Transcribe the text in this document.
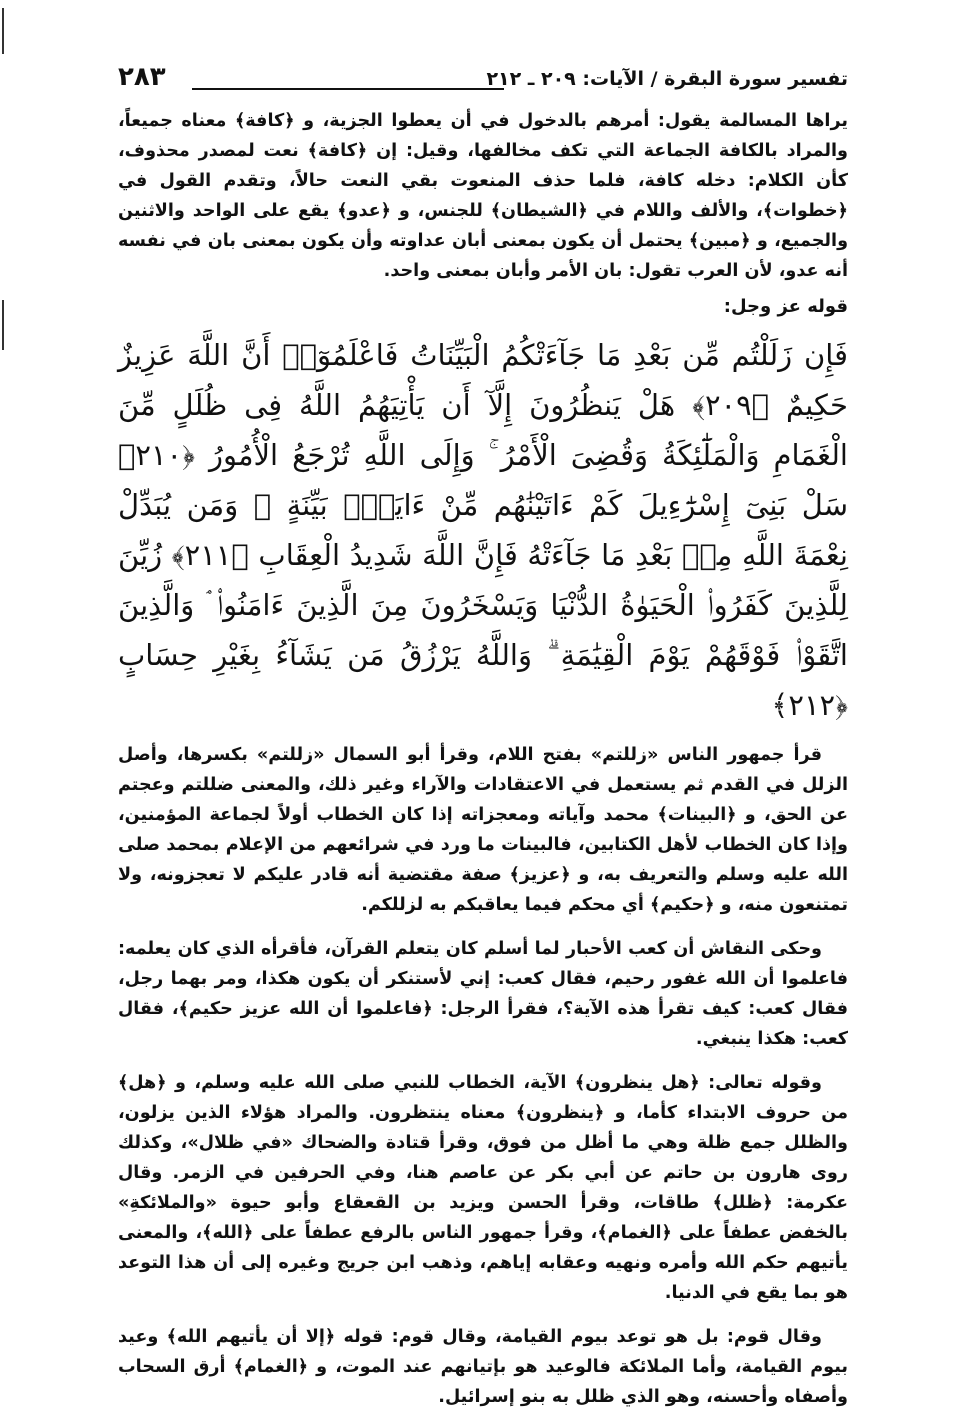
تفسير سورة البقرة / الآيات: ٢٠٩ ـ ٢١٢
٢٨٣

يراها المسالمة يقول: أمرهم بالدخول في أن يعطوا الجزية، و ﴿كافة﴾ معناه جميعاً، والمراد بالكافة الجماعة التي تكف مخالفها، وقيل: إن ﴿كافة﴾ نعت لمصدر محذوف، كأن الكلام: دخله كافة، فلما حذف المنعوت بقي النعت حالاً، وتقدم القول في ﴿خطوات﴾، والألف واللام في ﴿الشيطان﴾ للجنس، و ﴿عدو﴾ يقع على الواحد والاثنين والجميع، و ﴿مبين﴾ يحتمل أن يكون بمعنى أبان عداوته وأن يكون بمعنى بان في نفسه أنه عدو، لأن العرب تقول: بان الأمر وأبان بمعنى واحد.

قوله عز وجل:
فَإِن زَلَلْتُم مِّن بَعْدِ مَا جَآءَتْكُمُ الْبَيِّنَاتُ فَاعْلَمُوٓا۟ أَنَّ اللَّهَ عَزِيزٌ حَكِيمٌ ﴿٢٠٩﴾ هَلْ يَنظُرُونَ إِلَّآ أَن يَأْتِيَهُمُ اللَّهُ فِى ظُلَلٍ مِّنَ الْغَمَامِ وَالْمَلَٰٓئِكَةُ وَقُضِىَ الْأَمْرُ ۚ وَإِلَى اللَّهِ تُرْجَعُ الْأُمُورُ ﴿٢١٠﴾ سَلْ بَنِىٓ إِسْرَٰٓءِيلَ كَمْ ءَاتَيْنَٰهُم مِّنْ ءَايَةٍۭ بَيِّنَةٍ ۗ وَمَن يُبَدِّلْ نِعْمَةَ اللَّهِ مِنۢ بَعْدِ مَا جَآءَتْهُ فَإِنَّ اللَّهَ شَدِيدُ الْعِقَابِ ﴿٢١١﴾ زُيِّنَ لِلَّذِينَ كَفَرُوا۟ الْحَيَوٰةُ الدُّنْيَا وَيَسْخَرُونَ مِنَ الَّذِينَ ءَامَنُوا۟ ۘ وَالَّذِينَ اتَّقَوْا۟ فَوْقَهُمْ يَوْمَ الْقِيَٰمَةِ ۗ وَاللَّهُ يَرْزُقُ مَن يَشَآءُ بِغَيْرِ حِسَابٍ ﴿٢١٢﴾

قرأ جمهور الناس «زللتم» بفتح اللام، وقرأ أبو السمال «زللتم» بكسرها، وأصل الزلل في القدم ثم يستعمل في الاعتقادات والآراء وغير ذلك، والمعنى ضللتم وعجتم عن الحق، و ﴿البينات﴾ محمد وآياته ومعجزاته إذا كان الخطاب أولاً لجماعة المؤمنين، وإذا كان الخطاب لأهل الكتابين، فالبينات ما ورد في شرائعهم من الإعلام بمحمد صلى الله عليه وسلم والتعريف به، و ﴿عزيز﴾ صفة مقتضية أنه قادر عليكم لا تعجزونه، ولا تمتنعون منه، و ﴿حكيم﴾ أي محكم فيما يعاقبكم به لزللكم.

وحكى النقاش أن كعب الأحبار لما أسلم كان يتعلم القرآن، فأقرأه الذي كان يعلمه: فاعلموا أن الله غفور رحيم، فقال كعب: إني لأستنكر أن يكون هكذا، ومر بهما رجل، فقال كعب: كيف تقرأ هذه الآية؟، فقرأ الرجل: ﴿فاعلموا أن الله عزيز حكيم﴾، فقال كعب: هكذا ينبغي.

وقوله تعالى: ﴿هل ينظرون﴾ الآية، الخطاب للنبي صلى الله عليه وسلم، و ﴿هل﴾ من حروف الابتداء كأما، و ﴿ينظرون﴾ معناه ينتظرون. والمراد هؤلاء الذين يزلون، والظلل جمع ظلة وهي ما أظل من فوق، وقرأ قتادة والضحاك «في ظلال»، وكذلك روى هارون بن حاتم عن أبي بكر عن عاصم هنا، وفي الحرفين في الزمر. وقال عكرمة: ﴿ظلل﴾ طاقات، وقرأ الحسن ويزيد بن القعقاع وأبو حيوة «والملائكةِ» بالخفض عطفاً على ﴿الغمام﴾، وقرأ جمهور الناس بالرفع عطفاً على ﴿الله﴾، والمعنى يأتيهم حكم الله وأمره ونهيه وعقابه إياهم، وذهب ابن جريج وغيره إلى أن هذا التوعد هو بما يقع في الدنيا.

وقال قوم: بل هو توعد بيوم القيامة، وقال قوم: قوله ﴿إلا أن يأتيهم الله﴾ وعيد بيوم القيامة، وأما الملائكة فالوعيد هو بإتيانهم عند الموت، و ﴿الغمام﴾ أرق السحاب وأصفاه وأحسنه، وهو الذي ظلل به بنو إسرائيل.
